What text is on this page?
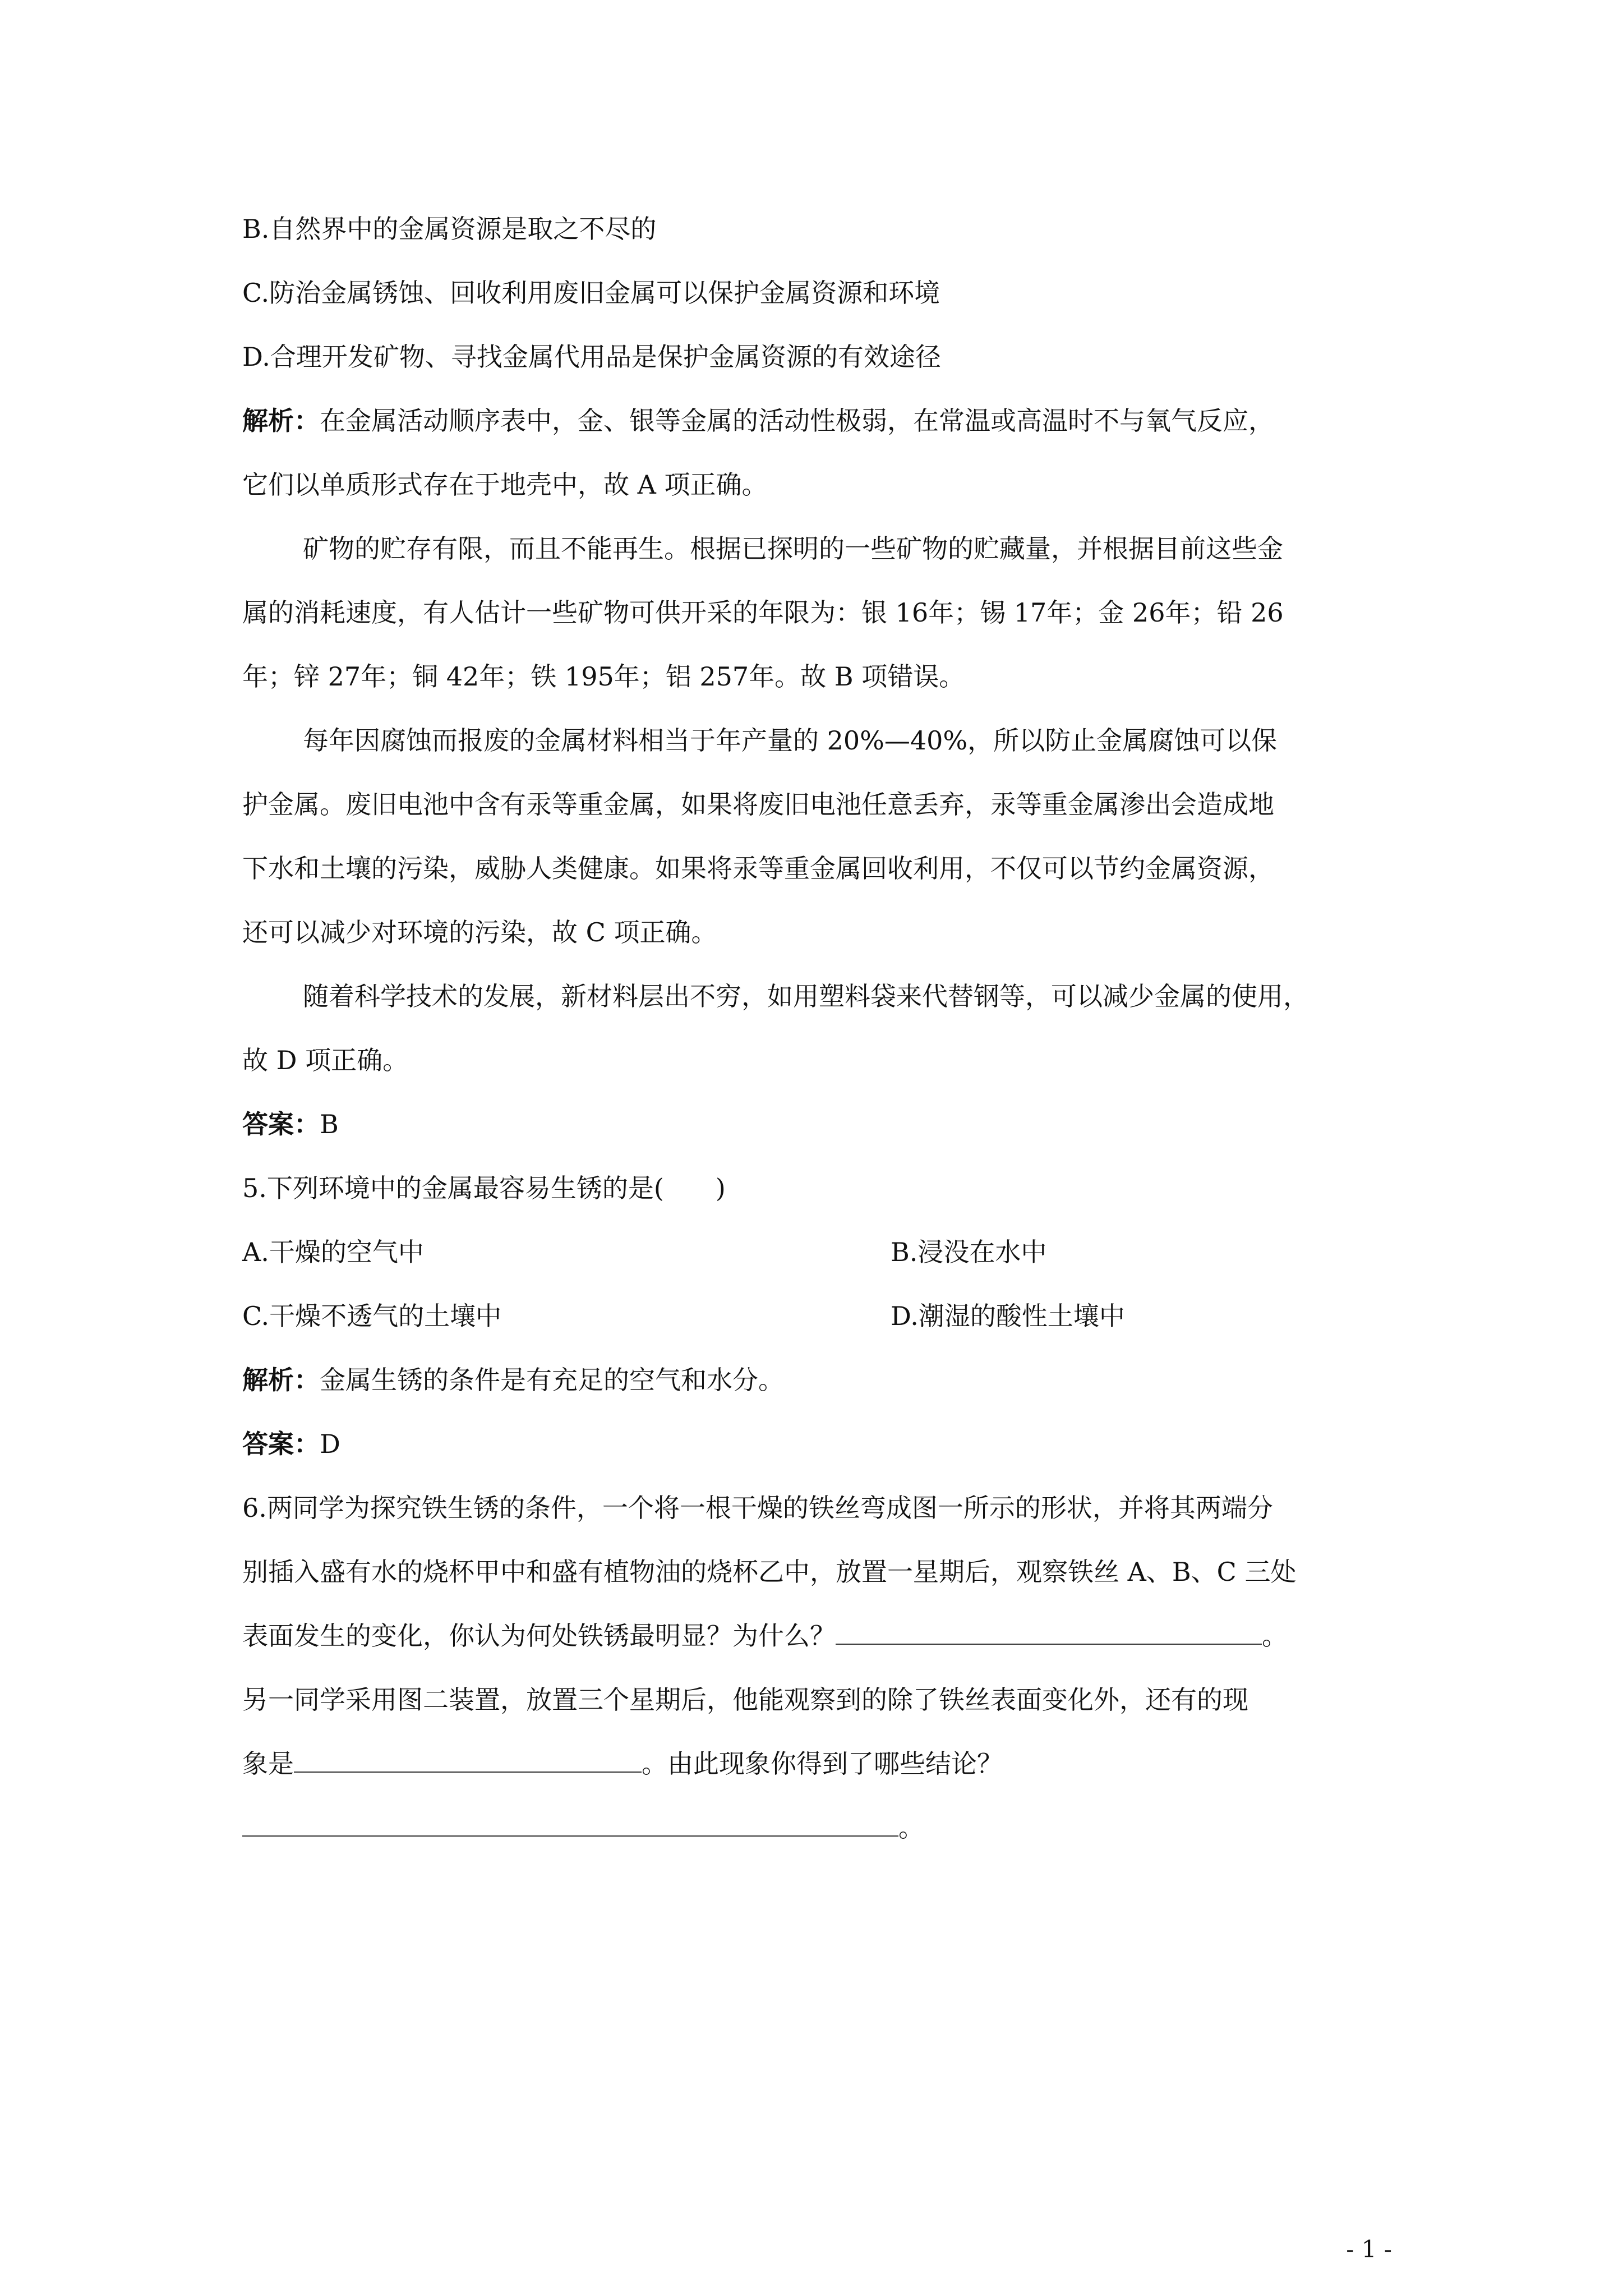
B.自然界中的金属资源是取之不尽的
C.防治金属锈蚀、回收利用废旧金属可以保护金属资源和环境
D.合理开发矿物、寻找金属代用品是保护金属资源的有效途径
解析：在金属活动顺序表中，金、银等金属的活动性极弱，在常温或高温时不与氧气反应，
它们以单质形式存在于地壳中，故 A 项正确。
矿物的贮存有限，而且不能再生。根据已探明的一些矿物的贮藏量，并根据目前这些金
属的消耗速度，有人估计一些矿物可供开采的年限为：银 16年；锡 17年；金 26年；铅 26
年；锌 27年；铜 42年；铁 195年；铝 257年。故 B 项错误。
每年因腐蚀而报废的金属材料相当于年产量的 20%—40%，所以防止金属腐蚀可以保
护金属。废旧电池中含有汞等重金属，如果将废旧电池任意丢弃，汞等重金属渗出会造成地
下水和土壤的污染，威胁人类健康。如果将汞等重金属回收利用，不仅可以节约金属资源，
还可以减少对环境的污染，故 C 项正确。
随着科学技术的发展，新材料层出不穷，如用塑料袋来代替钢等，可以减少金属的使用，
故 D 项正确。
答案：B
5.下列环境中的金属最容易生锈的是(　　)
A.干燥的空气中	B.浸没在水中
C.干燥不透气的土壤中	D.潮湿的酸性土壤中
解析：金属生锈的条件是有充足的空气和水分。
答案：D
6.两同学为探究铁生锈的条件，一个将一根干燥的铁丝弯成图一所示的形状，并将其两端分
别插入盛有水的烧杯甲中和盛有植物油的烧杯乙中，放置一星期后，观察铁丝 A、B、C 三处
表面发生的变化，你认为何处铁锈最明显？为什么？	。
另一同学采用图二装置，放置三个星期后，他能观察到的除了铁丝表面变化外，还有的现
象是	。由此现象你得到了哪些结论？
。
- 1 -
